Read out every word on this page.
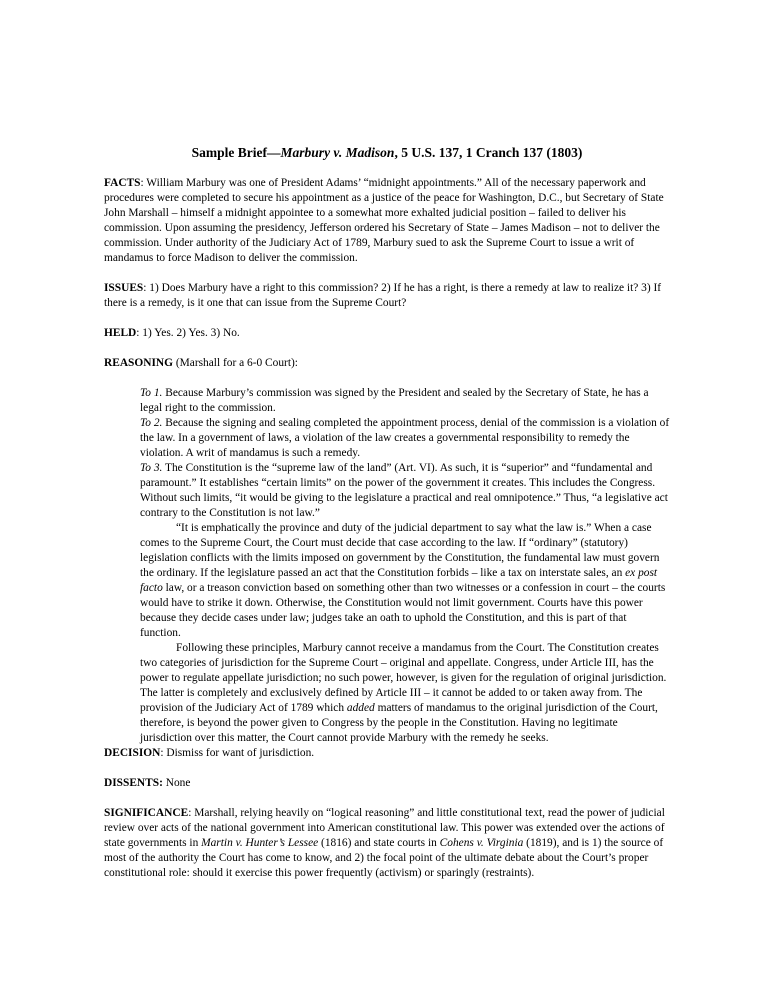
Sample Brief—Marbury v. Madison, 5 U.S. 137, 1 Cranch 137 (1803)

FACTS: William Marbury was one of President Adams’ “midnight appointments.” All of the necessary paperwork and procedures were completed to secure his appointment as a justice of the peace for Washington, D.C., but Secretary of State John Marshall – himself a midnight appointee to a somewhat more exhalted judicial position – failed to deliver his commission. Upon assuming the presidency, Jefferson ordered his Secretary of State – James Madison – not to deliver the commission. Under authority of the Judiciary Act of 1789, Marbury sued to ask the Supreme Court to issue a writ of mandamus to force Madison to deliver the commission.

ISSUES: 1) Does Marbury have a right to this commission? 2) If he has a right, is there a remedy at law to realize it? 3) If there is a remedy, is it one that can issue from the Supreme Court?

HELD: 1) Yes. 2) Yes. 3) No.

REASONING (Marshall for a 6-0 Court):

To 1. Because Marbury’s commission was signed by the President and sealed by the Secretary of State, he has a legal right to the commission.

To 2. Because the signing and sealing completed the appointment process, denial of the commission is a violation of the law. In a government of laws, a violation of the law creates a governmental responsibility to remedy the violation. A writ of mandamus is such a remedy.

To 3. The Constitution is the “supreme law of the land” (Art. VI). As such, it is “superior” and “fundamental and paramount.” It establishes “certain limits” on the power of the government it creates. This includes the Congress. Without such limits, “it would be giving to the legislature a practical and real omnipotence.” Thus, “a legislative act contrary to the Constitution is not law.”

“It is emphatically the province and duty of the judicial department to say what the law is.” When a case comes to the Supreme Court, the Court must decide that case according to the law. If “ordinary” (statutory) legislation conflicts with the limits imposed on government by the Constitution, the fundamental law must govern the ordinary. If the legislature passed an act that the Constitution forbids – like a tax on interstate sales, an ex post facto law, or a treason conviction based on something other than two witnesses or a confession in court – the courts would have to strike it down. Otherwise, the Constitution would not limit government. Courts have this power because they decide cases under law; judges take an oath to uphold the Constitution, and this is part of that function.

Following these principles, Marbury cannot receive a mandamus from the Court. The Constitution creates two categories of jurisdiction for the Supreme Court – original and appellate. Congress, under Article III, has the power to regulate appellate jurisdiction; no such power, however, is given for the regulation of original jurisdiction. The latter is completely and exclusively defined by Article III – it cannot be added to or taken away from. The provision of the Judiciary Act of 1789 which added matters of mandamus to the original jurisdiction of the Court, therefore, is beyond the power given to Congress by the people in the Constitution. Having no legitimate jurisdiction over this matter, the Court cannot provide Marbury with the remedy he seeks.

DECISION: Dismiss for want of jurisdiction.

DISSENTS: None

SIGNIFICANCE: Marshall, relying heavily on “logical reasoning” and little constitutional text, read the power of judicial review over acts of the national government into American constitutional law. This power was extended over the actions of state governments in Martin v. Hunter’s Lessee (1816) and state courts in Cohens v. Virginia (1819), and is 1) the source of most of the authority the Court has come to know, and 2) the focal point of the ultimate debate about the Court’s proper constitutional role: should it exercise this power frequently (activism) or sparingly (restraints).
